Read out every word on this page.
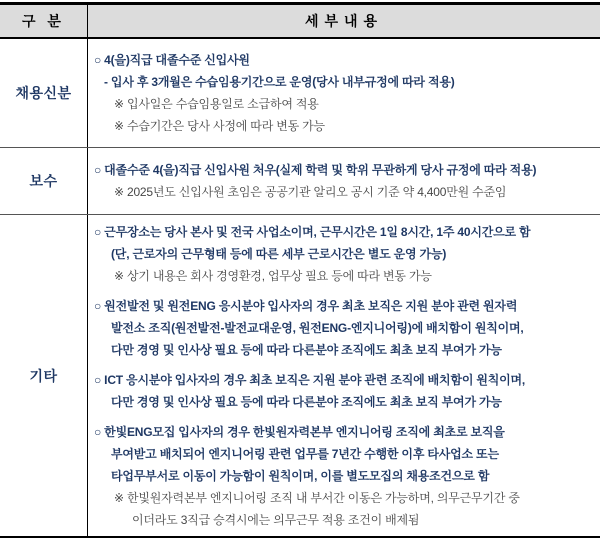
구 분	세부내용
채용신분
○ 4(을)직급 대졸수준 신입사원
- 입사 후 3개월은 수습임용기간으로 운영(당사 내부규정에 따라 적용)
※ 입사일은 수습임용일로 소급하여 적용
※ 수습기간은 당사 사정에 따라 변동 가능
보수
○ 대졸수준 4(을)직급 신입사원 처우(실제 학력 및 학위 무관하게 당사 규정에 따라 적용)
※ 2025년도 신입사원 초임은 공공기관 알리오 공시 기준 약 4,400만원 수준임
기타
○ 근무장소는 당사 본사 및 전국 사업소이며, 근무시간은 1일 8시간, 1주 40시간으로 함
(단, 근로자의 근무형태 등에 따른 세부 근로시간은 별도 운영 가능)
※ 상기 내용은 회사 경영환경, 업무상 필요 등에 따라 변동 가능
○ 원전발전 및 원전ENG 응시분야 입사자의 경우 최초 보직은 지원 분야 관련 원자력
발전소 조직(원전발전-발전교대운영, 원전ENG-엔지니어링)에 배치함이 원칙이며,
다만 경영 및 인사상 필요 등에 따라 다른분야 조직에도 최초 보직 부여가 가능
○ ICT 응시분야 입사자의 경우 최초 보직은 지원 분야 관련 조직에 배치함이 원칙이며,
다만 경영 및 인사상 필요 등에 따라 다른분야 조직에도 최초 보직 부여가 가능
○ 한빛ENG모집 입사자의 경우 한빛원자력본부 엔지니어링 조직에 최초로 보직을
부여받고 배치되어 엔지니어링 관련 업무를 7년간 수행한 이후 타사업소 또는
타업무부서로 이동이 가능함이 원칙이며, 이를 별도모집의 채용조건으로 함
※ 한빛원자력본부 엔지니어링 조직 내 부서간 이동은 가능하며, 의무근무기간 중
이더라도 3직급 승격시에는 의무근무 적용 조건이 배제됨
